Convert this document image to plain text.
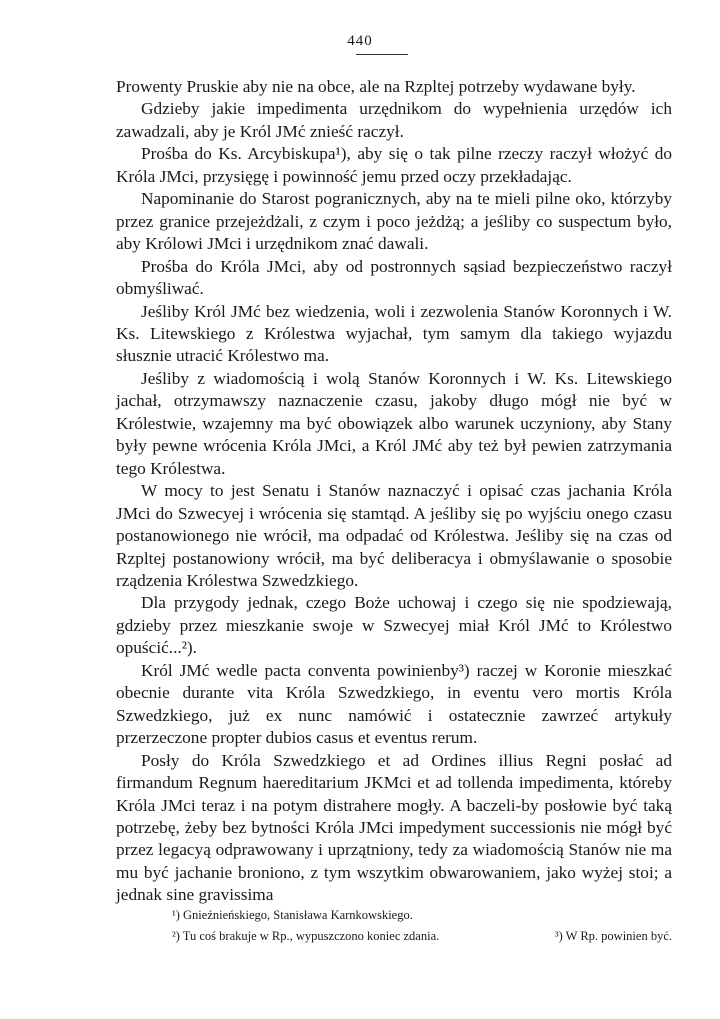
440

Prowenty Pruskie aby nie na obce, ale na Rzpltej potrzeby wydawane były.

Gdzieby jakie impedimenta urzędnikom do wypełnienia urzędów ich zawadzali, aby je Król JMć znieść raczył.

Prośba do Ks. Arcybiskupa¹), aby się o tak pilne rzeczy raczył włożyć do Króla JMci, przysięgę i powinność jemu przed oczy przekładając.

Napominanie do Starost pogranicznych, aby na te mieli pilne oko, którzyby przez granice przejeżdżali, z czym i poco jeżdżą; a jeśliby co suspectum było, aby Królowi JMci i urzędnikom znać dawali.

Prośba do Króla JMci, aby od postronnych sąsiad bezpieczeństwo raczył obmyśliwać.

Jeśliby Król JMć bez wiedzenia, woli i zezwolenia Stanów Koronnych i W. Ks. Litewskiego z Królestwa wyjachał, tym samym dla takiego wyjazdu słusznie utracić Królestwo ma.

Jeśliby z wiadomością i wolą Stanów Koronnych i W. Ks. Litewskiego jachał, otrzymawszy naznaczenie czasu, jakoby długo mógł nie być w Królestwie, wzajemny ma być obowiązek albo warunek uczyniony, aby Stany były pewne wrócenia Króla JMci, a Król JMć aby też był pewien zatrzymania tego Królestwa.

W mocy to jest Senatu i Stanów naznaczyć i opisać czas jachania Króla JMci do Szwecyej i wrócenia się stamtąd. A jeśliby się po wyjściu onego czasu postanowionego nie wrócił, ma odpadać od Królestwa. Jeśliby się na czas od Rzpltej postanowiony wrócił, ma być deliberacya i obmyślawanie o sposobie rządzenia Królestwa Szwedzkiego.

Dla przygody jednak, czego Boże uchowaj i czego się nie spodziewają, gdzieby przez mieszkanie swoje w Szwecyej miał Król JMć to Królestwo opuścić...²).

Król JMć wedle pacta conventa powinienby³) raczej w Koronie mieszkać obecnie durante vita Króla Szwedzkiego, in eventu vero mortis Króla Szwedzkiego, już ex nunc namówić i ostatecznie zawrzeć artykuły przerzeczone propter dubios casus et eventus rerum.

Posły do Króla Szwedzkiego et ad Ordines illius Regni posłać ad firmandum Regnum haereditarium JKMci et ad tollenda impedimenta, któreby Króla JMci teraz i na potym distrahere mogły. A baczeli-by posłowie być taką potrzebę, żeby bez bytności Króla JMci impedyment successionis nie mógł być przez legacyą odprawowany i uprzątniony, tedy za wiadomością Stanów nie ma mu być jachanie broniono, z tym wszytkim obwarowaniem, jako wyżej stoi; a jednak sine gravissima

¹) Gnieźnieńskiego, Stanisława Karnkowskiego.
²) Tu coś brakuje w Rp., wypuszczono koniec zdania.	³) W Rp. powinien być.
